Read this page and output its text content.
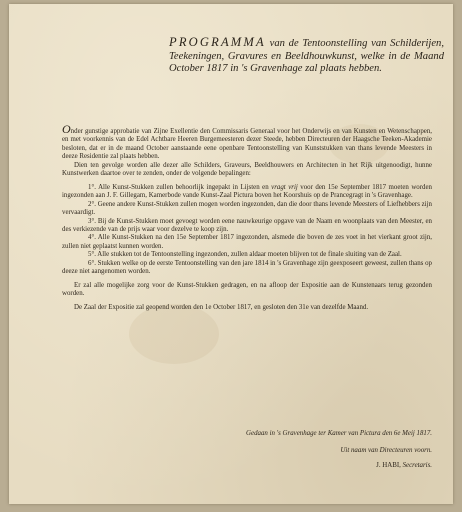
PROGRAMMA van de Tentoonstelling van Schilderijen, Teekeningen, Gravures en Beeldhouwkunst, welke in de Maand October 1817 in 's Gravenhage zal plaats hebben.

Onder gunstige approbatie van Zijne Exellentie den Commissaris Generaal voor het Onderwijs en van Kunsten en Wetenschappen, en met voorkennis van de Edel Achtbare Heeren Burgemeesteren dezer Steede, hebben Directeuren der Haagsche Teeken-Akademie besloten, dat er in de maand October aanstaande eene openbare Tentoonstelling van Kunststukken van thans levende Meesters in deeze Residentie zal plaats hebben.

Dien ten gevolge worden alle dezer alle Schilders, Graveurs, Beeldhouwers en Architecten in het Rijk uitgenoodigt, hunne Kunstwerken daartoe over te zenden, onder de volgende bepalingen:

1°. Alle Kunst-Stukken zullen behoorlijk ingepakt in Lijsten en vragt vrij voor den 15e September 1817 moeten worden ingezonden aan J. F. Gillegam, Kamerbode vande Kunst-Zaal Pictura boven het Koorshuis op de Prancegragt in 's Gravenhage.

2°. Geene andere Kunst-Stukken zullen mogen worden ingezonden, dan die door thans levende Meesters of Liefhebbers zijn vervaardigt.

3°. Bij de Kunst-Stukken moet gevoegt worden eene nauwkeurige opgave van de Naam en woonplaats van den Meester, en des verkiezende van de prijs waar voor dezelve te koop zijn.

4°. Alle Kunst-Stukken na den 15e September 1817 ingezonden, alsmede die boven de zes voet in het vierkant groot zijn, zullen niet geplaatst kunnen worden.

5°. Alle stukken tot de Tentoonstelling ingezonden, zullen aldaar moeten blijven tot de finale sluiting van de Zaal.

6°. Stukken welke op de eerste Tentoonstelling van den jare 1814 in 's Gravenhage zijn geexposeert geweest, zullen thans op deeze niet aangenomen worden.

Er zal alle mogelijke zorg voor de Kunst-Stukken gedragen, en na afloop der Expositie aan de Kunstenaars terug gezonden worden.

De Zaal der Expositie zal geopend worden den 1e October 1817, en gesloten den 31e van dezelfde Maand.

Gedaan in 's Gravenhage ter Kamer van Pictura den 6e Meij 1817.
Uit naam van Directeuren voorn.
J. HABI, Secretaris.
